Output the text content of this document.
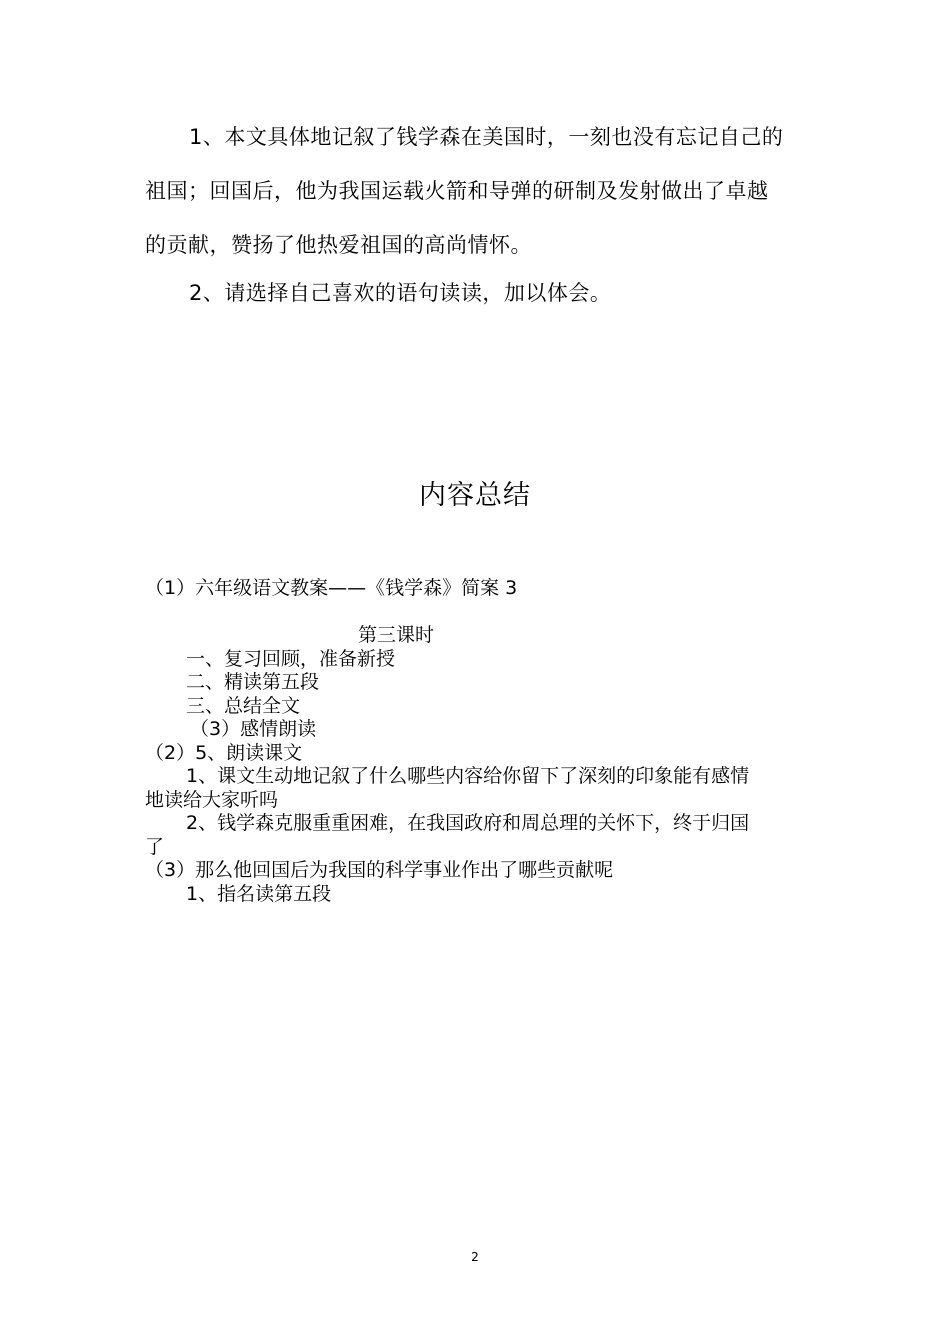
1、本文具体地记叙了钱学森在美国时，一刻也没有忘记自己的
祖国；回国后，他为我国运载火箭和导弹的研制及发射做出了卓越
的贡献，赞扬了他热爱祖国的高尚情怀。
2、请选择自己喜欢的语句读读，加以体会。
内容总结
（1）六年级语文教案——《钱学森》简案 3
第三课时
一、复习回顾，准备新授
二、精读第五段
三、总结全文
（3）感情朗读
（2）5、朗读课文
1、课文生动地记叙了什么哪些内容给你留下了深刻的印象能有感情
地读给大家听吗
2、钱学森克服重重困难，在我国政府和周总理的关怀下，终于归国
了
（3）那么他回国后为我国的科学事业作出了哪些贡献呢
1、指名读第五段
2
